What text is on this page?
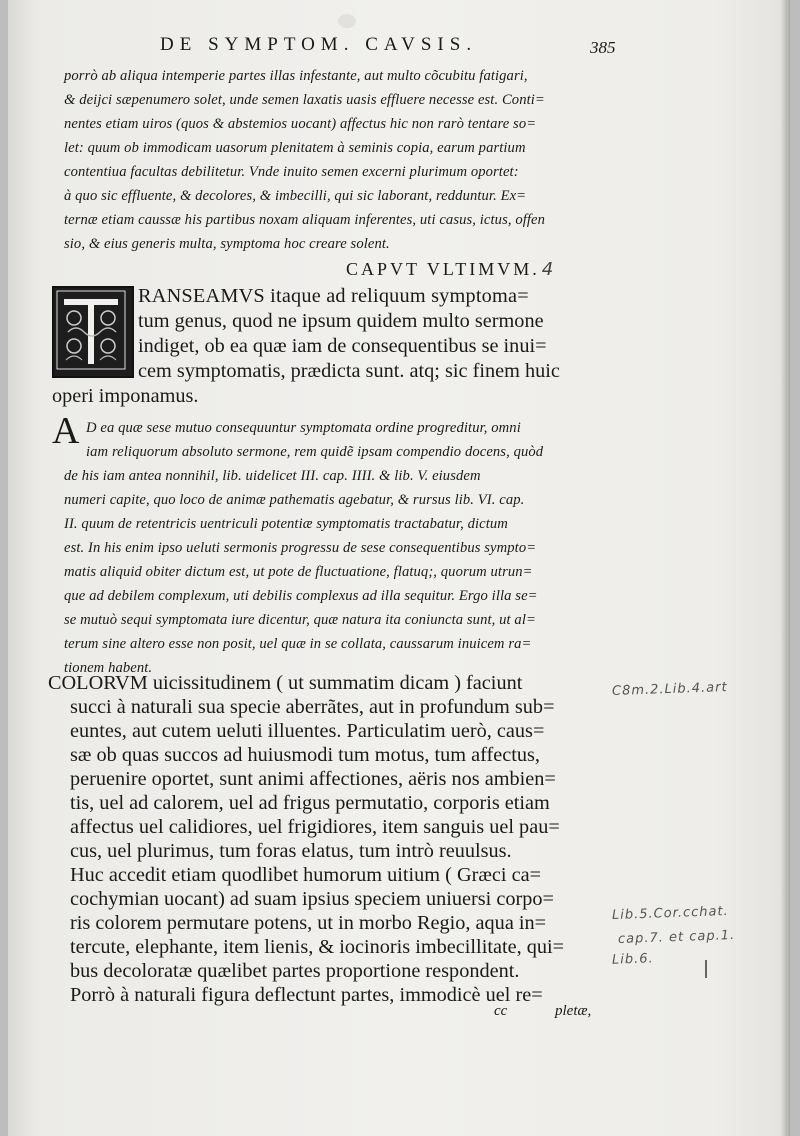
DE SYMPTOM. CAVSIS.	385
porrò ab aliqua intemperie partes illas infestante, aut multo cõcubitu fatigari,
& deijci sæpenumero solet, unde semen laxatis uasis effluere necesse est. Conti=
nentes etiam uiros (quos & abstemios uocant) affectus hic non rarò tentare so=
let: quum ob immodicam uasorum plenitatem à seminis copia, earum partium
contentiua facultas debilitetur. Vnde inuito semen excerni plurimum oportet:
à quo sic effluente, & decolores, & imbecilli, qui sic laborant, redduntur. Ex=
ternæ etiam caussæ his partibus noxam aliquam inferentes, uti casus, ictus, offen
sio, & eius generis multa, symptoma hoc creare solent.
CAPVT VLTIMVM. 4
RANSEAMVS itaque ad reliquum symptoma=
tum genus, quod ne ipsum quidem multo sermone
indiget, ob ea quæ iam de consequentibus se inui=
cem symptomatis, prædicta sunt. atq; sic finem huic
operi imponamus.
A D ea quæ sese mutuo consequuntur symptomata ordine progreditur, omni
iam reliquorum absoluto sermone, rem quidẽ ipsam compendio docens, quòd
de his iam antea nonnihil, lib. uidelicet III. cap. IIII. & lib. V. eiusdem
numeri capite, quo loco de animæ pathematis agebatur, & rursus lib. VI. cap.
II. quum de retentricis uentriculi potentiæ symptomatis tractabatur, dictum
est. In his enim ipso ueluti sermonis progressu de sese consequentibus sympto=
matis aliquid obiter dictum est, ut pote de fluctuatione, flatuq;, quorum utrun=
que ad debilem complexum, uti debilis complexus ad illa sequitur. Ergo illa se=
se mutuò sequi symptomata iure dicentur, quæ natura ita coniuncta sunt, ut al=
terum sine altero esse non posit, uel quæ in se collata, caussarum inuicem ra=
tionem habent.
COLORVM uicissitudinem ( ut summatim dicam ) faciunt
succi à naturali sua specie aberrãtes, aut in profundum sub=
euntes, aut cutem ueluti illuentes. Particulatim uerò, caus=
sæ ob quas succos ad huiusmodi tum motus, tum affectus,
peruenire oportet, sunt animi affectiones, aëris nos ambien=
tis, uel ad calorem, uel ad frigus permutatio, corporis etiam
affectus uel calidiores, uel frigidiores, item sanguis uel pau=
cus, uel plurimus, tum foras elatus, tum intrò reuulsus.
Huc accedit etiam quodlibet humorum uitium ( Græci ca=
cochymian uocant) ad suam ipsius speciem uniuersi corpo=
ris colorem permutare potens, ut in morbo Regio, aqua in=
tercute, elephante, item lienis, & iocinoris imbecillitate, qui=
bus decoloratæ quælibet partes proportione respondent.
Porrò à naturali figura deflectunt partes, immodicè uel re=
C8m.2.Lib.4.art
Lib.5.Cor.cchat.
cap.7. et cap.1.
Lib.6.
cc	pletæ,
